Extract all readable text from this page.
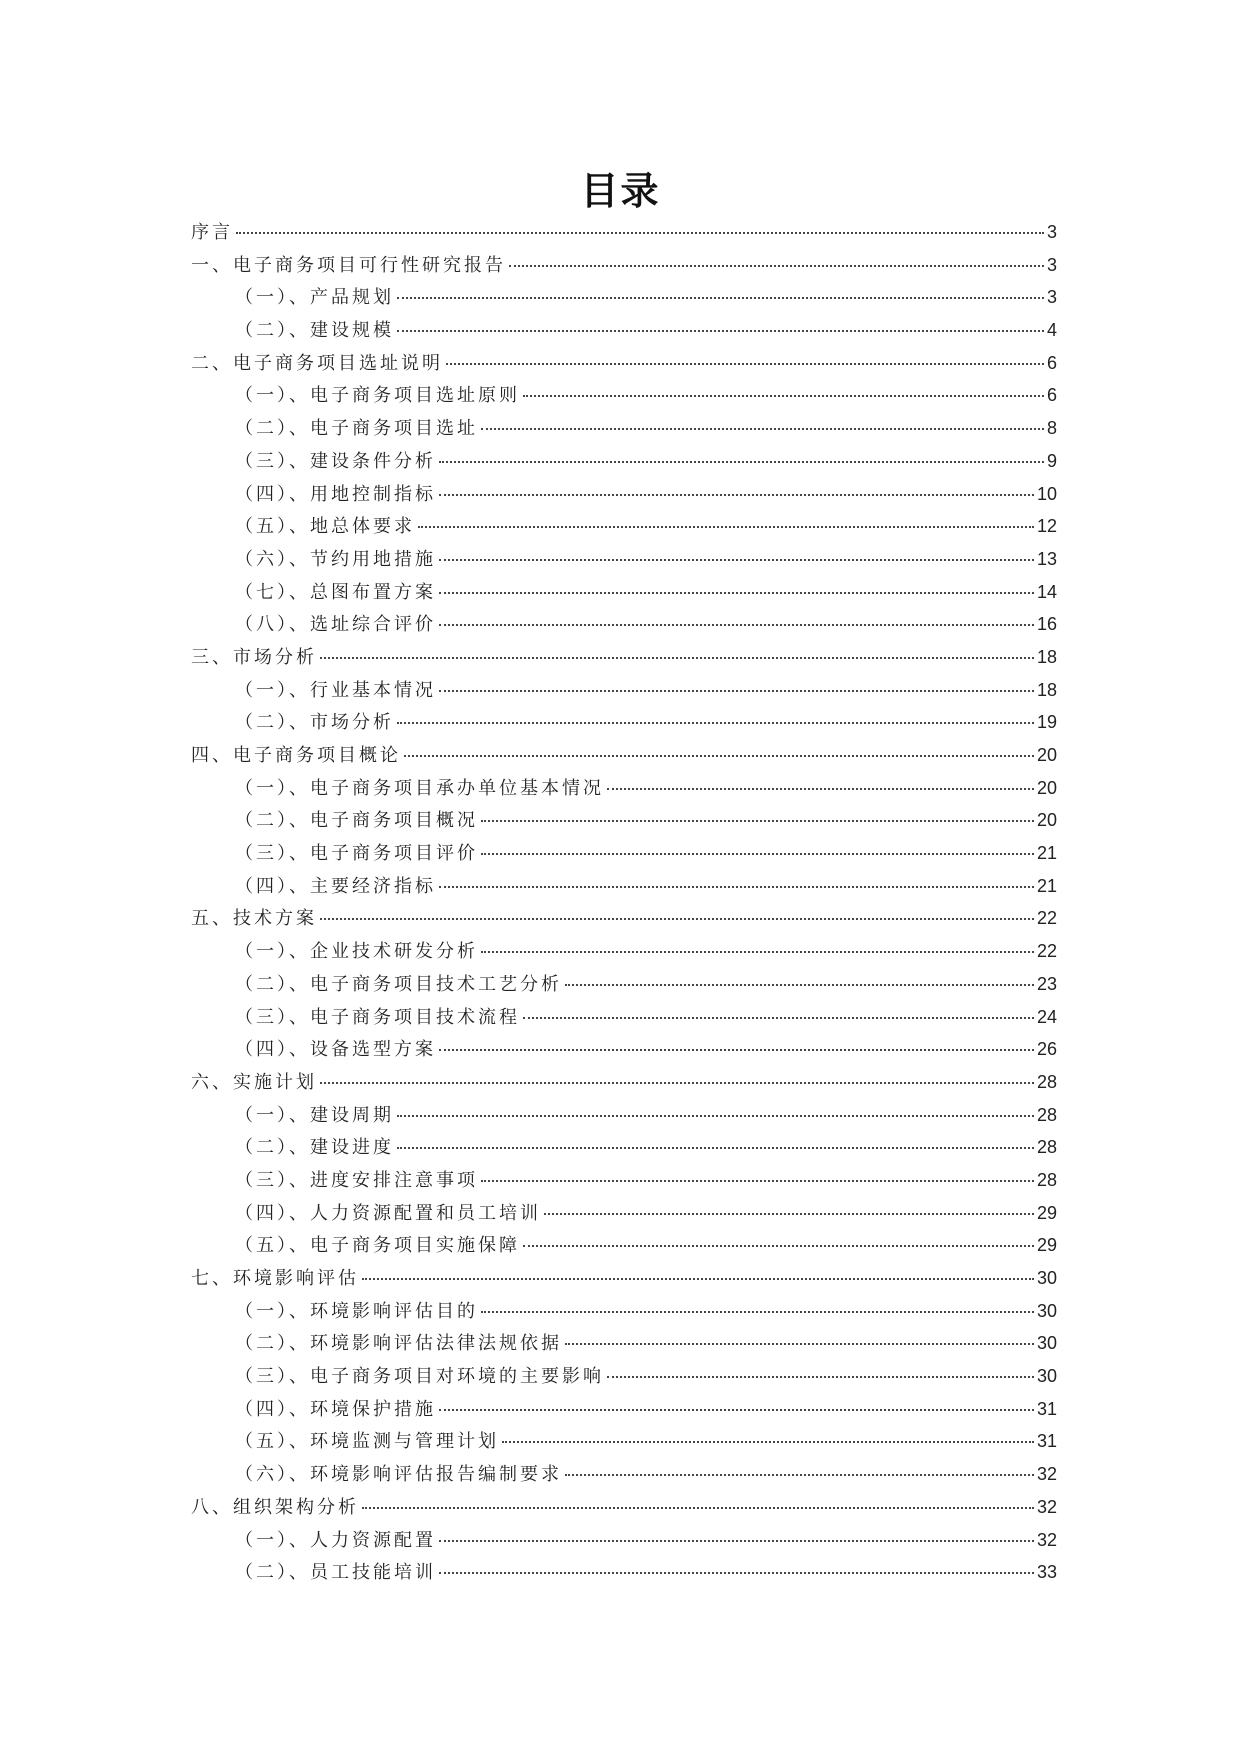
目录
序言	3
一、电子商务项目可行性研究报告	3
（一）、产品规划	3
（二）、建设规模	4
二、电子商务项目选址说明	6
（一）、电子商务项目选址原则	6
（二）、电子商务项目选址	8
（三）、建设条件分析	9
（四）、用地控制指标	10
（五）、地总体要求	12
（六）、节约用地措施	13
（七）、总图布置方案	14
（八）、选址综合评价	16
三、市场分析	18
（一）、行业基本情况	18
（二）、市场分析	19
四、电子商务项目概论	20
（一）、电子商务项目承办单位基本情况	20
（二）、电子商务项目概况	20
（三）、电子商务项目评价	21
（四）、主要经济指标	21
五、技术方案	22
（一）、企业技术研发分析	22
（二）、电子商务项目技术工艺分析	23
（三）、电子商务项目技术流程	24
（四）、设备选型方案	26
六、实施计划	28
（一）、建设周期	28
（二）、建设进度	28
（三）、进度安排注意事项	28
（四）、人力资源配置和员工培训	29
（五）、电子商务项目实施保障	29
七、环境影响评估	30
（一）、环境影响评估目的	30
（二）、环境影响评估法律法规依据	30
（三）、电子商务项目对环境的主要影响	30
（四）、环境保护措施	31
（五）、环境监测与管理计划	31
（六）、环境影响评估报告编制要求	32
八、组织架构分析	32
（一）、人力资源配置	32
（二）、员工技能培训	33
